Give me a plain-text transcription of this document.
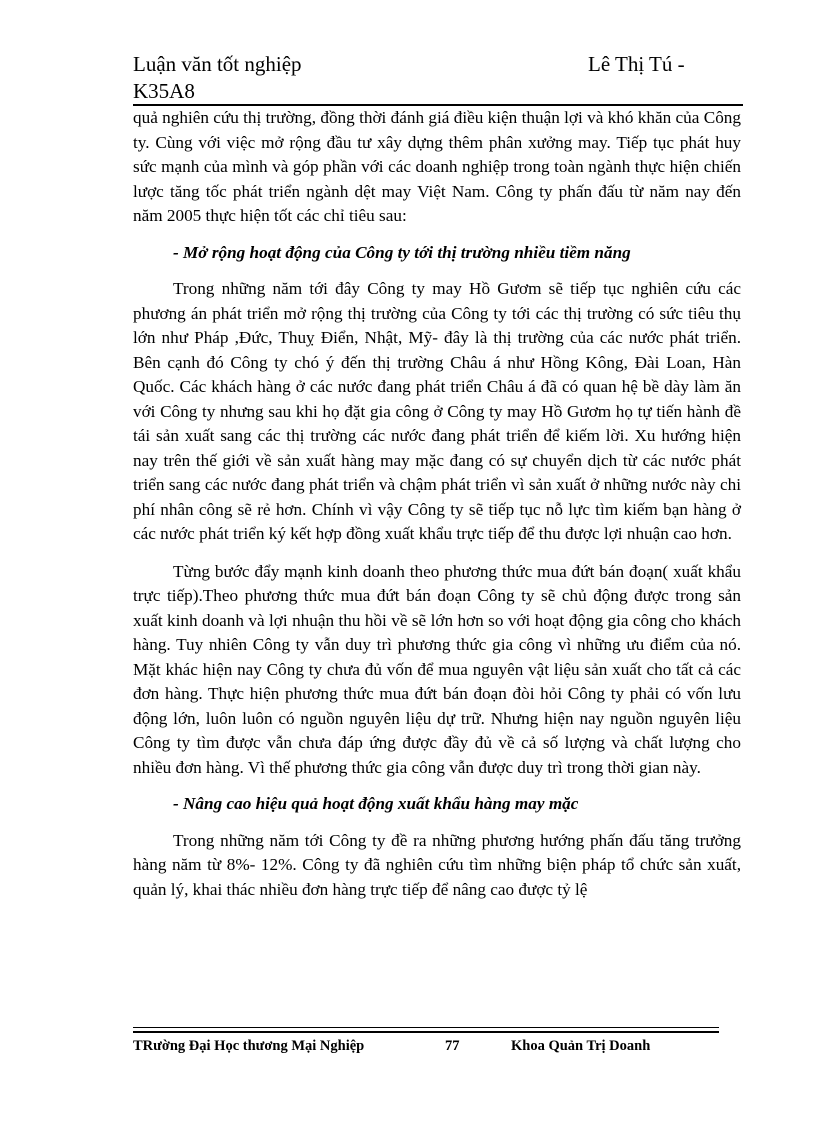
Luận văn tốt nghiệp	Lê Thị Tú -
K35A8

quả nghiên cứu thị trường, đồng thời đánh giá điều kiện thuận lợi và khó khăn của Công ty. Cùng với việc mở rộng đầu tư xây dựng thêm phân xưởng may. Tiếp tục phát huy sức mạnh của mình và góp phần với các doanh nghiệp trong toàn ngành thực hiện chiến lược tăng tốc phát triển ngành dệt may Việt Nam. Công ty phấn đấu từ năm nay đến năm 2005 thực hiện tốt các chỉ tiêu sau:

- Mở rộng hoạt động của Công ty tới thị trường nhiều tiềm năng

Trong những năm tới đây Công ty may Hồ Gươm sẽ tiếp tục nghiên cứu các phương án phát triển mở rộng thị trường của Công ty tới các thị trường có sức tiêu thụ lớn như Pháp ,Đức, Thuỵ Điển, Nhật, Mỹ- đây là thị trường của các nước phát triển. Bên cạnh đó Công ty chó ý đến thị trường Châu á như Hồng Kông, Đài Loan, Hàn Quốc. Các khách hàng ở các nước đang phát triển Châu á đã có quan hệ bề dày làm ăn với Công ty nhưng sau khi họ đặt gia công ở Công ty may Hồ Gươm họ tự tiến hành đề tái sản xuất sang các thị trường các nước đang phát triển để kiếm lời. Xu hướng hiện nay trên thế giới về sản xuất hàng may mặc đang có sự chuyển dịch từ các nước phát triển sang các nước đang phát triển và chậm phát triển vì sản xuất ở những nước này chi phí nhân công sẽ rẻ hơn. Chính vì vậy Công ty sẽ tiếp tục nỗ lực tìm kiếm bạn hàng ở các nước phát triển ký kết hợp đồng xuất khẩu trực tiếp để thu được lợi nhuận cao hơn.

Từng bước đẩy mạnh kinh doanh theo phương thức mua đứt bán đoạn( xuất khẩu trực tiếp).Theo phương thức mua đứt bán đoạn Công ty sẽ chủ động được trong sản xuất kinh doanh và lợi nhuận thu hồi về sẽ lớn hơn so với hoạt động gia công cho khách hàng. Tuy nhiên Công ty vẫn duy trì phương thức gia công vì những ưu điểm của nó. Mặt khác hiện nay Công ty chưa đủ vốn để mua nguyên vật liệu sản xuất cho tất cả các đơn hàng. Thực hiện phương thức mua đứt bán đoạn đòi hỏi Công ty phải có vốn lưu động lớn, luôn luôn có nguồn nguyên liệu dự trữ. Nhưng hiện nay nguồn nguyên liệu Công ty tìm được vẫn chưa đáp ứng được đầy đủ về cả số lượng và chất lượng cho nhiều đơn hàng. Vì thế phương thức gia công vẫn được duy trì trong thời gian này.

- Nâng cao hiệu quả hoạt động xuất khẩu hàng may mặc

Trong những năm tới Công ty đề ra những phương hướng phấn đấu tăng trưởng hàng năm từ 8%- 12%. Công ty đã nghiên cứu tìm những biện pháp tổ chức sản xuất, quản lý, khai thác nhiều đơn hàng trực tiếp để nâng cao được tỷ lệ

TRường Đại Học thương Mại Nghiệp	77	Khoa Quản Trị Doanh
